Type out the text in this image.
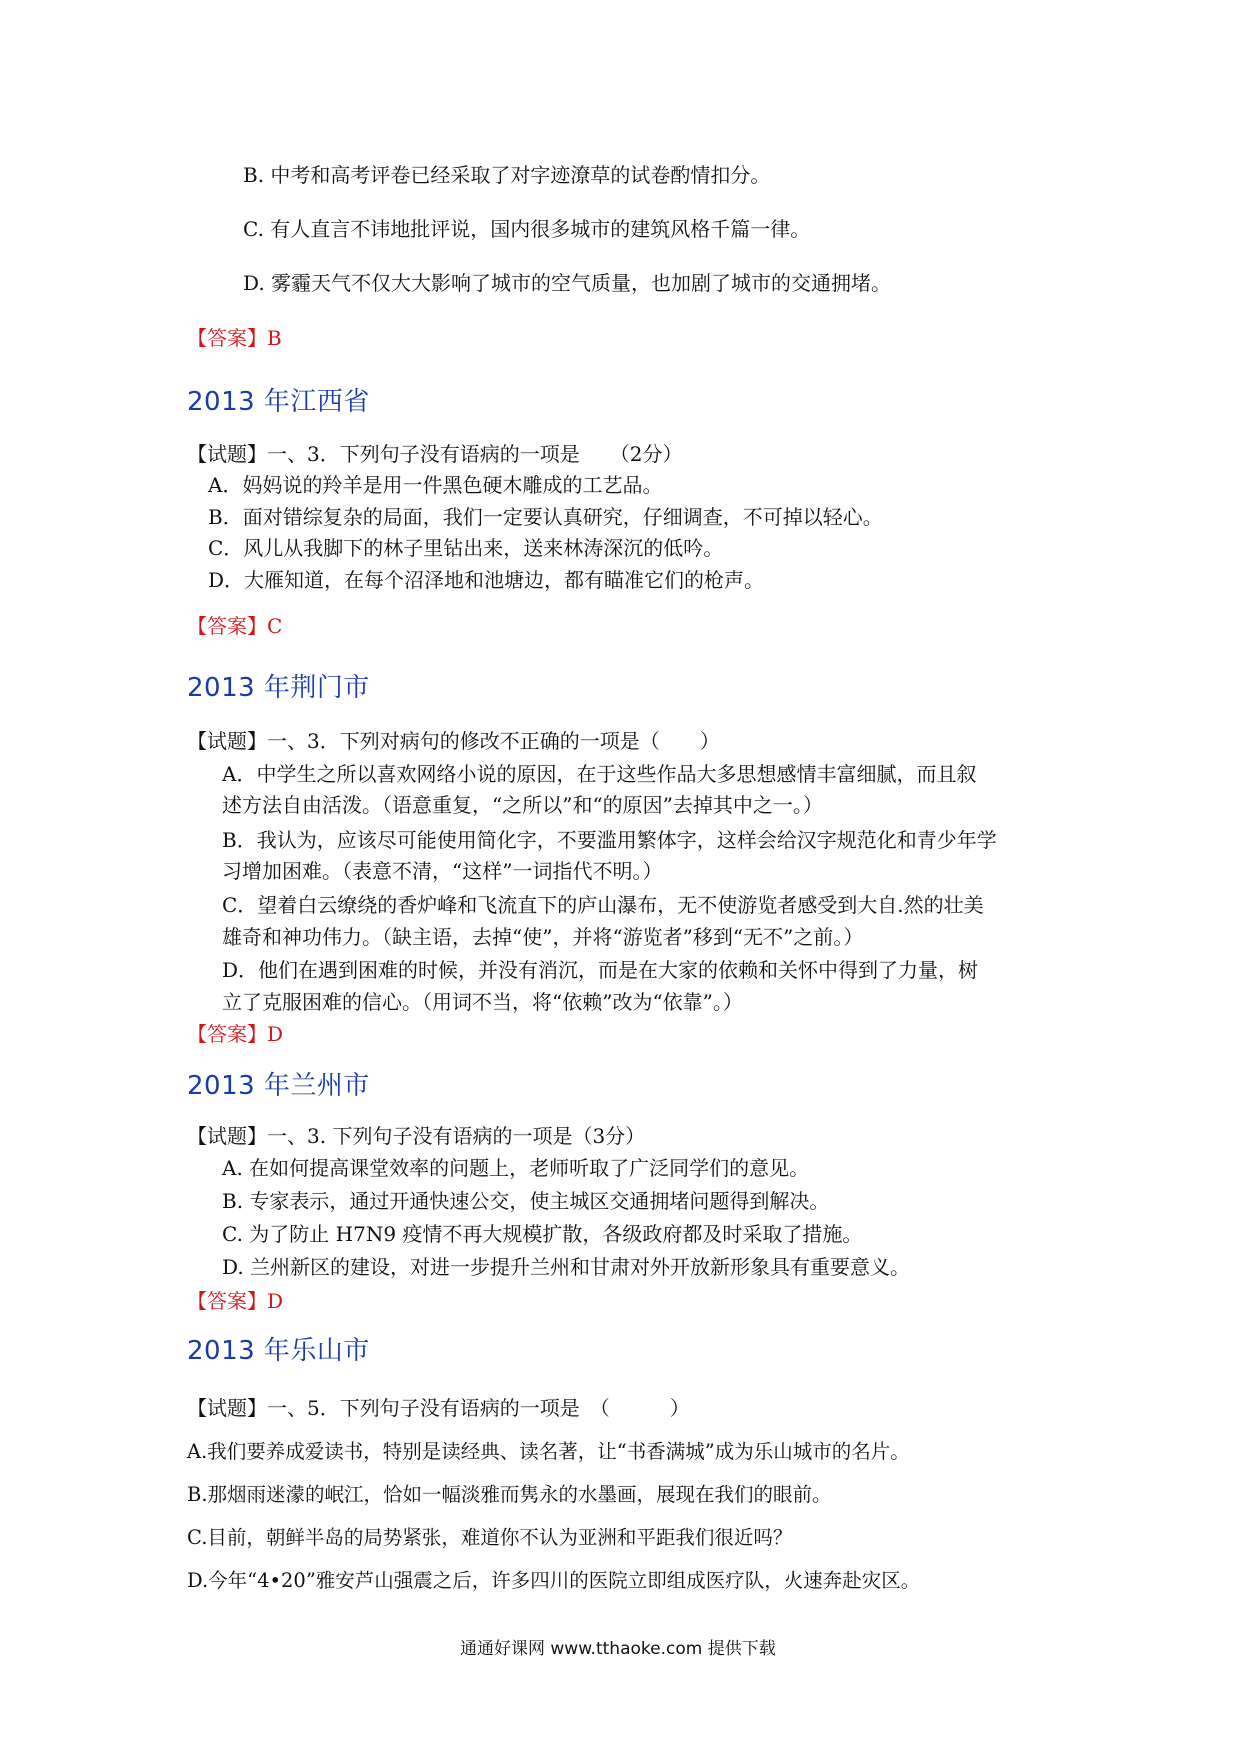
B. 中考和高考评卷已经采取了对字迹潦草的试卷酌情扣分。
C. 有人直言不讳地批评说，国内很多城市的建筑风格千篇一律。
D. 雾霾天气不仅大大影响了城市的空气质量，也加剧了城市的交通拥堵。
【答案】B
2013 年江西省
【试题】一、3．下列句子没有语病的一项是　　（2分）
A．妈妈说的羚羊是用一件黑色硬木雕成的工艺品。
B．面对错综复杂的局面，我们一定要认真研究，仔细调查，不可掉以轻心。
C．风儿从我脚下的林子里钻出来，送来林涛深沉的低吟。
D．大雁知道，在每个沼泽地和池塘边，都有瞄准它们的枪声。
【答案】C
2013 年荆门市
【试题】一、3．下列对病句的修改不正确的一项是（　　）
A．中学生之所以喜欢网络小说的原因，在于这些作品大多思想感情丰富细腻，而且叙
述方法自由活泼。（语意重复，“之所以”和“的原因”去掉其中之一。）
B．我认为，应该尽可能使用简化字，不要滥用繁体字，这样会给汉字规范化和青少年学
习增加困难。（表意不清，“这样”一词指代不明。）
C．望着白云缭绕的香炉峰和飞流直下的庐山瀑布，无不使游览者感受到大自.然的壮美
雄奇和神功伟力。（缺主语，去掉“使”，并将“游览者”移到“无不”之前。）
D．他们在遇到困难的时候，并没有消沉，而是在大家的依赖和关怀中得到了力量，树
立了克服困难的信心。（用词不当，将“依赖”改为“依靠”。）
【答案】D
2013 年兰州市
【试题】一、3. 下列句子没有语病的一项是（3分）
A. 在如何提高课堂效率的问题上，老师听取了广泛同学们的意见。
B. 专家表示，通过开通快速公交，使主城区交通拥堵问题得到解决。
C. 为了防止 H7N9 疫情不再大规模扩散，各级政府都及时采取了措施。
D. 兰州新区的建设，对进一步提升兰州和甘肃对外开放新形象具有重要意义。
【答案】D
2013 年乐山市
【试题】一、5．下列句子没有语病的一项是　（　　　）
A.我们要养成爱读书，特别是读经典、读名著，让“书香满城”成为乐山城市的名片。
B.那烟雨迷濛的岷江，恰如一幅淡雅而隽永的水墨画，展现在我们的眼前。
C.目前，朝鲜半岛的局势紧张，难道你不认为亚洲和平距我们很近吗？
D.今年“4•20”雅安芦山强震之后，许多四川的医院立即组成医疗队，火速奔赴灾区。
通通好课网 www.tthaoke.com 提供下载
